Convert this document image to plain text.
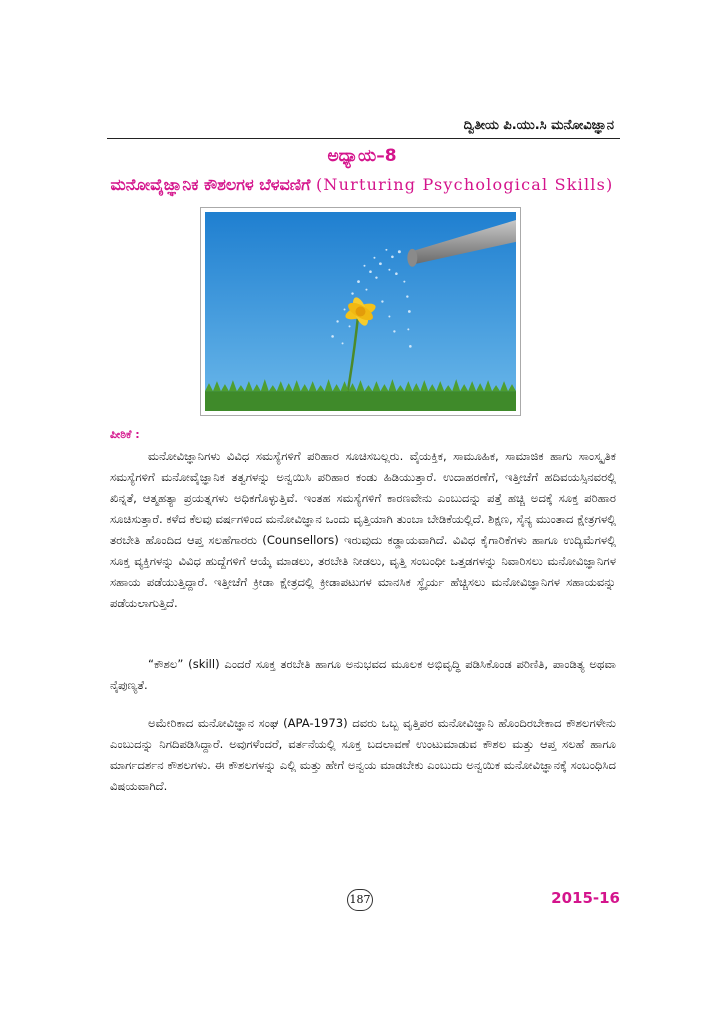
ದ್ವಿತೀಯ ಪಿ.ಯು.ಸಿ ಮನೋವಿಜ್ಞಾನ
ಅಧ್ಯಾಯ–8
ಮನೋವೈಜ್ಞಾನಿಕ ಕೌಶಲಗಳ ಬೆಳವಣಿಗೆ (Nurturing Psychological Skills)
ಪೀಠಿಕೆ :

ಮನೋವಿಜ್ಞಾನಿಗಳು ವಿವಿಧ ಸಮಸ್ಯೆಗಳಿಗೆ ಪರಿಹಾರ ಸೂಚಿಸಬಲ್ಲರು. ವೈಯಕ್ತಿಕ, ಸಾಮೂಹಿಕ, ಸಾಮಾಜಿಕ ಹಾಗು ಸಾಂಸ್ಕೃತಿಕ ಸಮಸ್ಯೆಗಳಿಗೆ ಮನೋವೈಜ್ಞಾನಿಕ ತತ್ವಗಳನ್ನು ಅನ್ವಯಿಸಿ ಪರಿಹಾರ ಕಂಡು ಹಿಡಿಯುತ್ತಾರೆ. ಉದಾಹರಣೆಗೆ, ಇತ್ತೀಚೆಗೆ ಹದಿವಯಸ್ಸಿನವರಲ್ಲಿ ಖಿನ್ನತೆ, ಆತ್ಮಹತ್ಯಾ ಪ್ರಯತ್ನಗಳು ಅಧಿಕಗೊಳ್ಳುತ್ತಿವೆ. ಇಂತಹ ಸಮಸ್ಯೆಗಳಿಗೆ ಕಾರಣವೇನು ಎಂಬುದನ್ನು ಪತ್ತೆ ಹಚ್ಚಿ ಅದಕ್ಕೆ ಸೂಕ್ತ ಪರಿಹಾರ ಸೂಚಿಸುತ್ತಾರೆ. ಕಳೆದ ಕೆಲವು ವರ್ಷಗಳಿಂದ ಮನೋವಿಜ್ಞಾನ ಒಂದು ವೃತ್ತಿಯಾಗಿ ತುಂಬಾ ಬೇಡಿಕೆಯಲ್ಲಿದೆ. ಶಿಕ್ಷಣ, ಸೈನ್ಯ ಮುಂತಾದ ಕ್ಷೇತ್ರಗಳಲ್ಲಿ ತರಬೇತಿ ಹೊಂದಿದ ಆಪ್ತ ಸಲಹೆಗಾರರು (Counsellors) ಇರುವುದು ಕಡ್ಡಾಯವಾಗಿದೆ. ವಿವಿಧ ಕೈಗಾರಿಕೆಗಳು ಹಾಗೂ ಉದ್ಯಿಮೆಗಳಲ್ಲಿ ಸೂಕ್ತ ವ್ಯಕ್ತಿಗಳನ್ನು ವಿವಿಧ ಹುದ್ದೆಗಳಿಗೆ ಆಯ್ಕೆ ಮಾಡಲು, ತರಬೇತಿ ನೀಡಲು, ವೃತ್ತಿ ಸಂಬಂಧೀ ಒತ್ತಡಗಳನ್ನು ನಿವಾರಿಸಲು ಮನೋವಿಜ್ಞಾನಿಗಳ ಸಹಾಯ ಪಡೆಯುತ್ತಿದ್ದಾರೆ. ಇತ್ತೀಚೆಗೆ ಕ್ರೀಡಾ ಕ್ಷೇತ್ರದಲ್ಲಿ ಕ್ರೀಡಾಪಟುಗಳ ಮಾನಸಿಕ ಸ್ಥೈರ್ಯ ಹೆಚ್ಚಿಸಲು ಮನೋವಿಜ್ಞಾನಿಗಳ ಸಹಾಯವನ್ನು ಪಡೆಯಲಾಗುತ್ತಿದೆ.

“ಕೌಶಲ” (skill) ಎಂದರೆ ಸೂಕ್ತ ತರಬೇತಿ ಹಾಗೂ ಅನುಭವದ ಮೂಲಕ ಅಭಿವೃದ್ಧಿ ಪಡಿಸಿಕೊಂಡ ಪರಿಣಿತಿ, ಪಾಂಡಿತ್ಯ ಅಥವಾ ನೈಪುಣ್ಯತೆ.

ಅಮೇರಿಕಾದ ಮನೋವಿಜ್ಞಾನ ಸಂಘ (APA-1973) ದವರು ಒಬ್ಬ ವೃತ್ತಿಪರ ಮನೋವಿಜ್ಞಾನಿ ಹೊಂದಿರಬೇಕಾದ ಕೌಶಲಗಳೇನು ಎಂಬುದನ್ನು ನಿಗದಿಪಡಿಸಿದ್ದಾರೆ. ಅವುಗಳೆಂದರೆ, ವರ್ತನೆಯಲ್ಲಿ ಸೂಕ್ತ ಬದಲಾವಣೆ ಉಂಟುಮಾಡುವ ಕೌಶಲ ಮತ್ತು ಆಪ್ತ ಸಲಹೆ ಹಾಗೂ ಮಾರ್ಗದರ್ಶನ ಕೌಶಲಗಳು. ಈ ಕೌಶಲಗಳನ್ನು ಎಲ್ಲಿ ಮತ್ತು ಹೇಗೆ ಅನ್ವಯ ಮಾಡಬೇಕು ಎಂಬುದು ಅನ್ವಯಿಕ ಮನೋವಿಜ್ಞಾನಕ್ಕೆ ಸಂಬಂಧಿಸಿದ ವಿಷಯವಾಗಿದೆ.

187	2015-16
